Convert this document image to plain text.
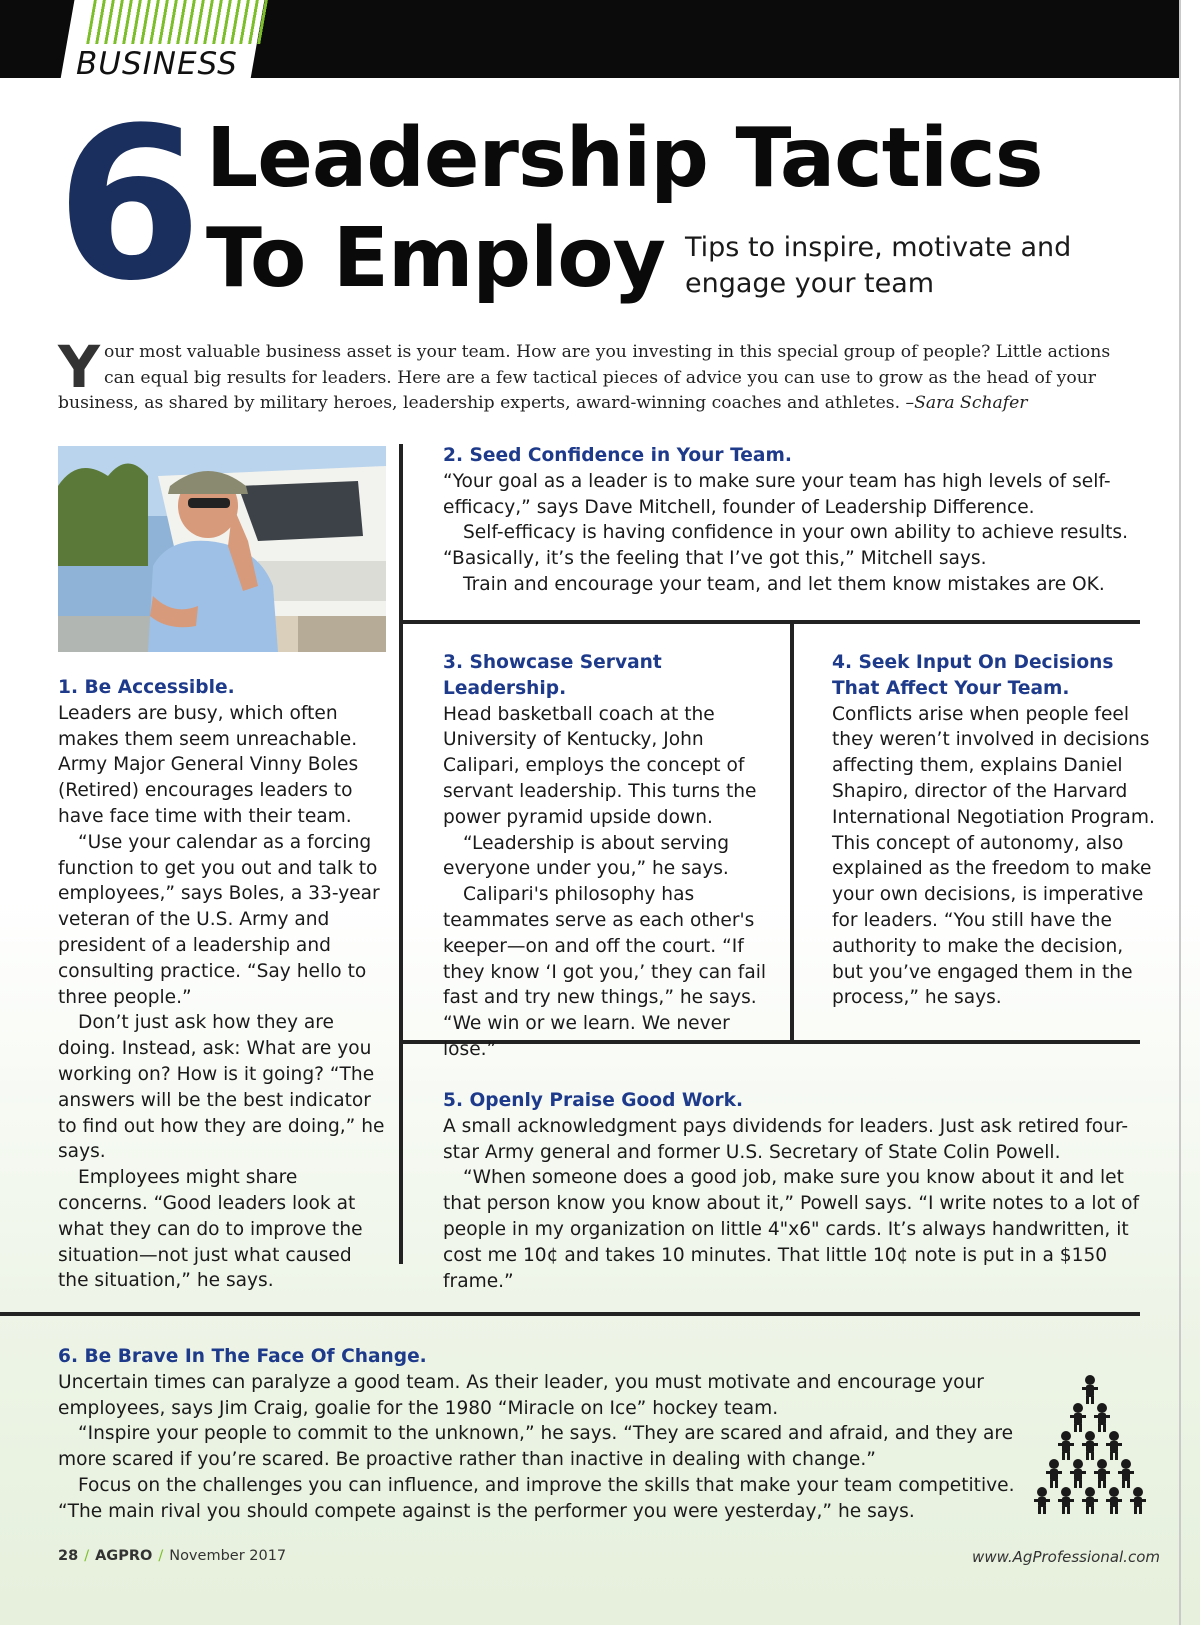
BUSINESS
6 Leadership Tactics
To Employ Tips to inspire, motivate and engage your team
Y our most valuable business asset is your team. How are you investing in this special group of people? Little actions can equal big results for leaders. Here are a few tactical pieces of advice you can use to grow as the head of your business, as shared by military heroes, leadership experts, award-winning coaches and athletes. –Sara Schafer
1. Be Accessible.

Leaders are busy, which often makes them seem unreachable. Army Major General Vinny Boles (Retired) encourages leaders to have face time with their team.

“Use your calendar as a forcing function to get you out and talk to employees,” says Boles, a 33-year veteran of the U.S. Army and president of a leadership and consulting practice. “Say hello to three people.”

Don’t just ask how they are doing. Instead, ask: What are you working on? How is it going? “The answers will be the best indicator to find out how they are doing,” he says.

Employees might share concerns. “Good leaders look at what they can do to improve the situation—not just what caused the situation,” he says.

2. Seed Confidence in Your Team.

“Your goal as a leader is to make sure your team has high levels of self-efficacy,” says Dave Mitchell, founder of Leadership Difference.

Self-efficacy is having confidence in your own ability to achieve results. “Basically, it’s the feeling that I’ve got this,” Mitchell says.

Train and encourage your team, and let them know mistakes are OK.

3. Showcase Servant Leadership.

Head basketball coach at the University of Kentucky, John Calipari, employs the concept of servant leadership. This turns the power pyramid upside down.

“Leadership is about serving everyone under you,” he says.

Calipari's philosophy has teammates serve as each other's keeper—on and off the court. “If they know ‘I got you,’ they can fail fast and try new things,” he says. “We win or we learn. We never lose.”

4. Seek Input On Decisions That Affect Your Team.

Conflicts arise when people feel they weren’t involved in decisions affecting them, explains Daniel Shapiro, director of the Harvard International Negotiation Program. This concept of autonomy, also explained as the freedom to make your own decisions, is imperative for leaders. “You still have the authority to make the decision, but you’ve engaged them in the process,” he says.

5. Openly Praise Good Work.

A small acknowledgment pays dividends for leaders. Just ask retired four-star Army general and former U.S. Secretary of State Colin Powell.

“When someone does a good job, make sure you know about it and let that person know you know about it,” Powell says. “I write notes to a lot of people in my organization on little 4"x6" cards. It’s always handwritten, it cost me 10¢ and takes 10 minutes. That little 10¢ note is put in a $150 frame.”

6. Be Brave In The Face Of Change.

Uncertain times can paralyze a good team. As their leader, you must motivate and encourage your employees, says Jim Craig, goalie for the 1980 “Miracle on Ice” hockey team.

“Inspire your people to commit to the unknown,” he says. “They are scared and afraid, and they are more scared if you’re scared. Be proactive rather than inactive in dealing with change.”

Focus on the challenges you can influence, and improve the skills that make your team competitive. “The main rival you should compete against is the performer you were yesterday,” he says.

28 / AGPRO / November 2017	www.AgProfessional.com
